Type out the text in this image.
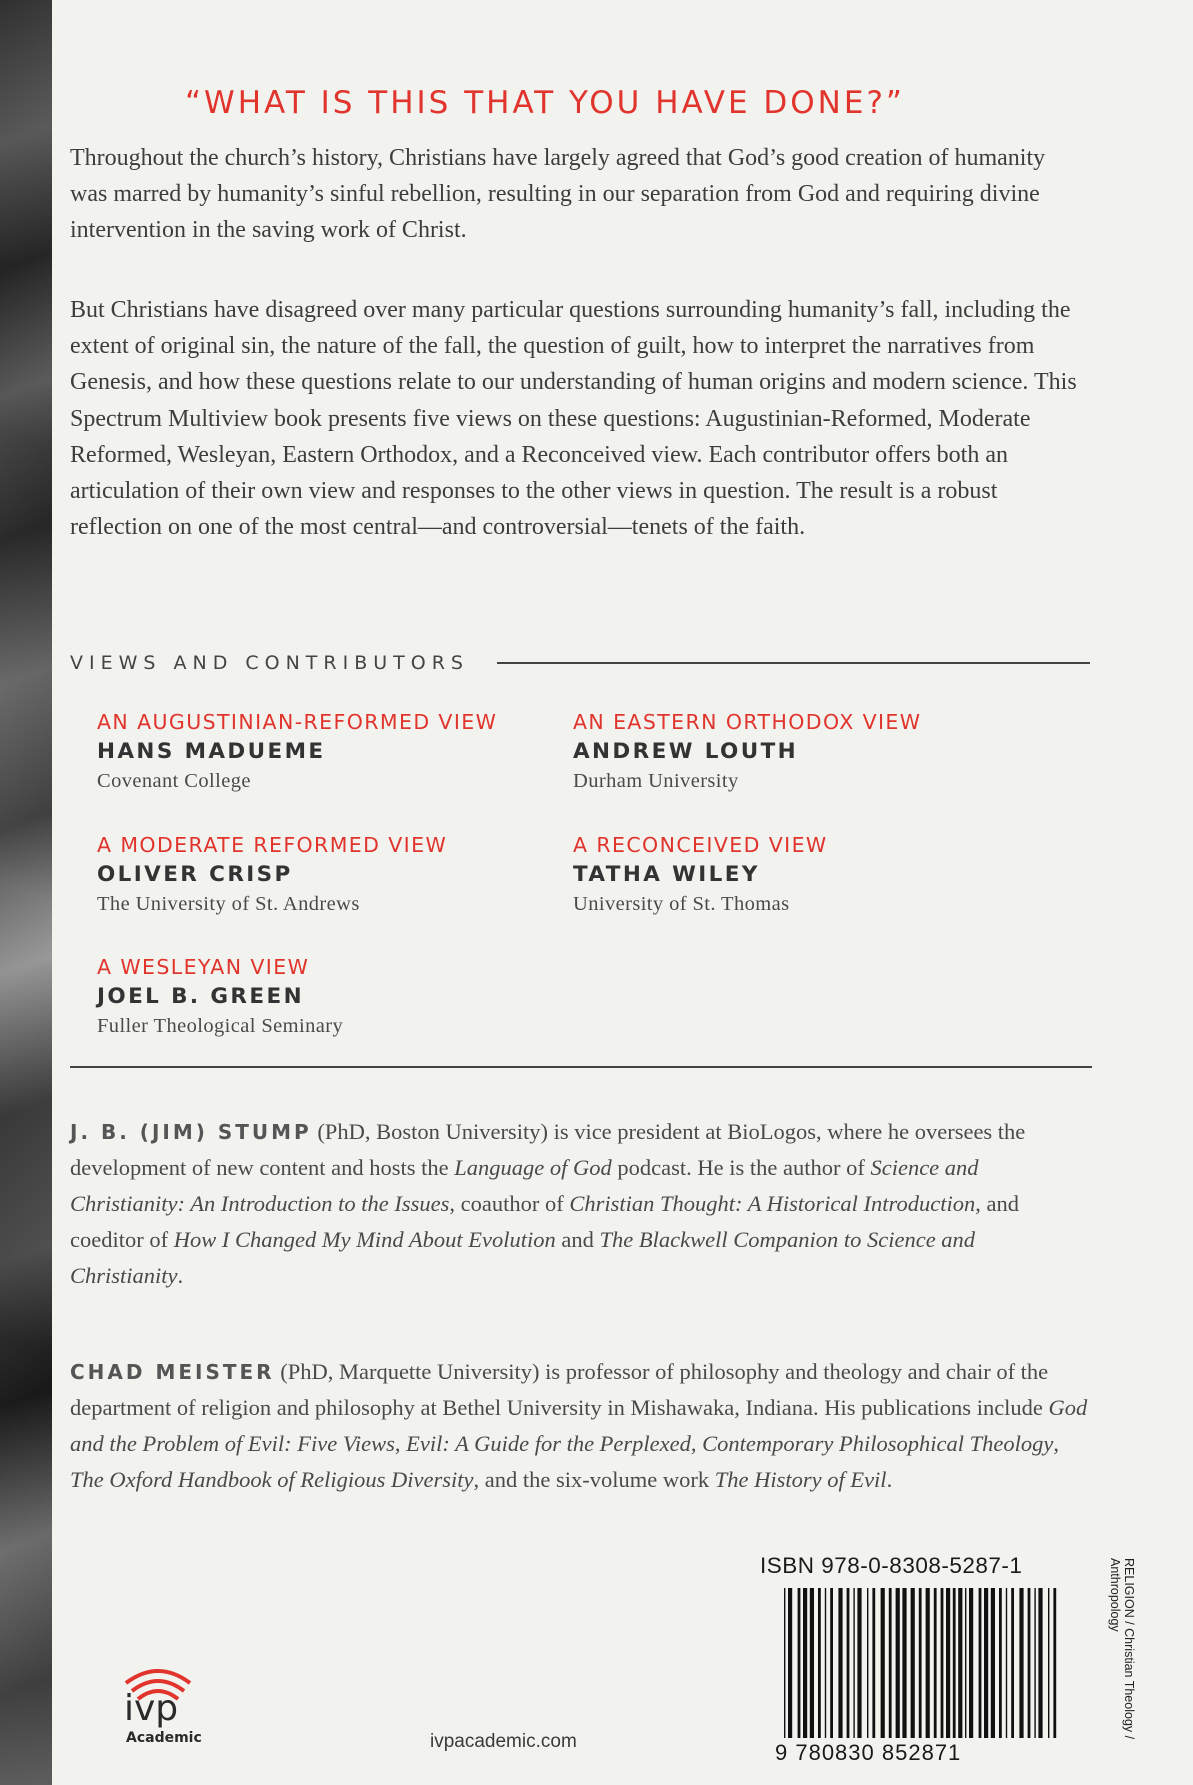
“WHAT IS THIS THAT YOU HAVE DONE?”

Throughout the church’s history, Christians have largely agreed that God’s good creation of humanity was marred by humanity’s sinful rebellion, resulting in our separation from God and requiring divine intervention in the saving work of Christ.

But Christians have disagreed over many particular questions surrounding humanity’s fall, including the extent of original sin, the nature of the fall, the question of guilt, how to interpret the narratives from Genesis, and how these questions relate to our understanding of human origins and modern science. This Spectrum Multiview book presents five views on these questions: Augustinian-Reformed, Moderate Reformed, Wesleyan, Eastern Orthodox, and a Reconceived view. Each contributor offers both an articulation of their own view and responses to the other views in question. The result is a robust reflection on one of the most central—and controversial—tenets of the faith.

VIEWS AND CONTRIBUTORS
AN AUGUSTINIAN-REFORMED VIEW
HANS MADUEME
Covenant College
A MODERATE REFORMED VIEW
OLIVER CRISP
The University of St. Andrews
A WESLEYAN VIEW
JOEL B. GREEN
Fuller Theological Seminary
AN EASTERN ORTHODOX VIEW
ANDREW LOUTH
Durham University
A RECONCEIVED VIEW
TATHA WILEY
University of St. Thomas

J. B. (JIM) STUMP (PhD, Boston University) is vice president at BioLogos, where he oversees the development of new content and hosts the Language of God podcast. He is the author of Science and Christianity: An Introduction to the Issues, coauthor of Christian Thought: A Historical Introduction, and coeditor of How I Changed My Mind About Evolution and The Blackwell Companion to Science and Christianity.

CHAD MEISTER (PhD, Marquette University) is professor of philosophy and theology and chair of the department of religion and philosophy at Bethel University in Mishawaka, Indiana. His publications include God and the Problem of Evil: Five Views, Evil: A Guide for the Perplexed, Contemporary Philosophical Theology, The Oxford Handbook of Religious Diversity, and the six-volume work The History of Evil.

ISBN 978-0-8308-5287-1
9 780830 852871
RELIGION / Christian Theology / Anthropology
ivp
Academic	ivpacademic.com
